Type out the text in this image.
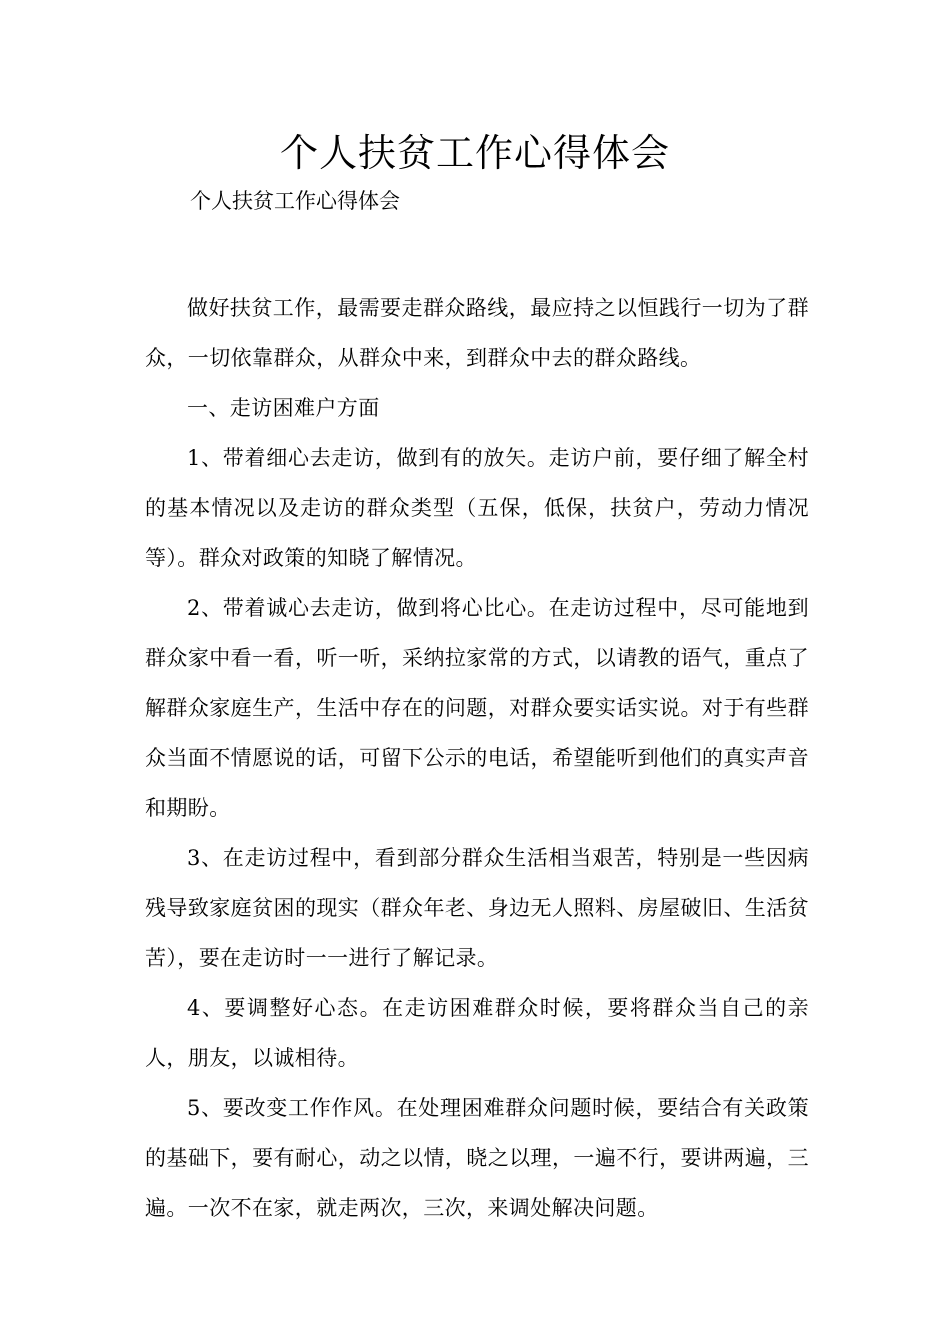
个人扶贫工作心得体会
个人扶贫工作心得体会

做好扶贫工作，最需要走群众路线，最应持之以恒践行一切为了群众，一切依靠群众，从群众中来，到群众中去的群众路线。

一、走访困难户方面

1、带着细心去走访，做到有的放矢。走访户前，要仔细了解全村的基本情况以及走访的群众类型（五保，低保，扶贫户，劳动力情况等）。群众对政策的知晓了解情况。

2、带着诚心去走访，做到将心比心。在走访过程中，尽可能地到群众家中看一看，听一听，采纳拉家常的方式，以请教的语气，重点了解群众家庭生产，生活中存在的问题，对群众要实话实说。对于有些群众当面不情愿说的话，可留下公示的电话，希望能听到他们的真实声音和期盼。

3、在走访过程中，看到部分群众生活相当艰苦，特别是一些因病残导致家庭贫困的现实（群众年老、身边无人照料、房屋破旧、生活贫苦），要在走访时一一进行了解记录。

4、要调整好心态。在走访困难群众时候，要将群众当自己的亲人，朋友，以诚相待。

5、要改变工作作风。在处理困难群众问题时候，要结合有关政策的基础下，要有耐心，动之以情，晓之以理，一遍不行，要讲两遍，三遍。一次不在家，就走两次，三次，来调处解决问题。
